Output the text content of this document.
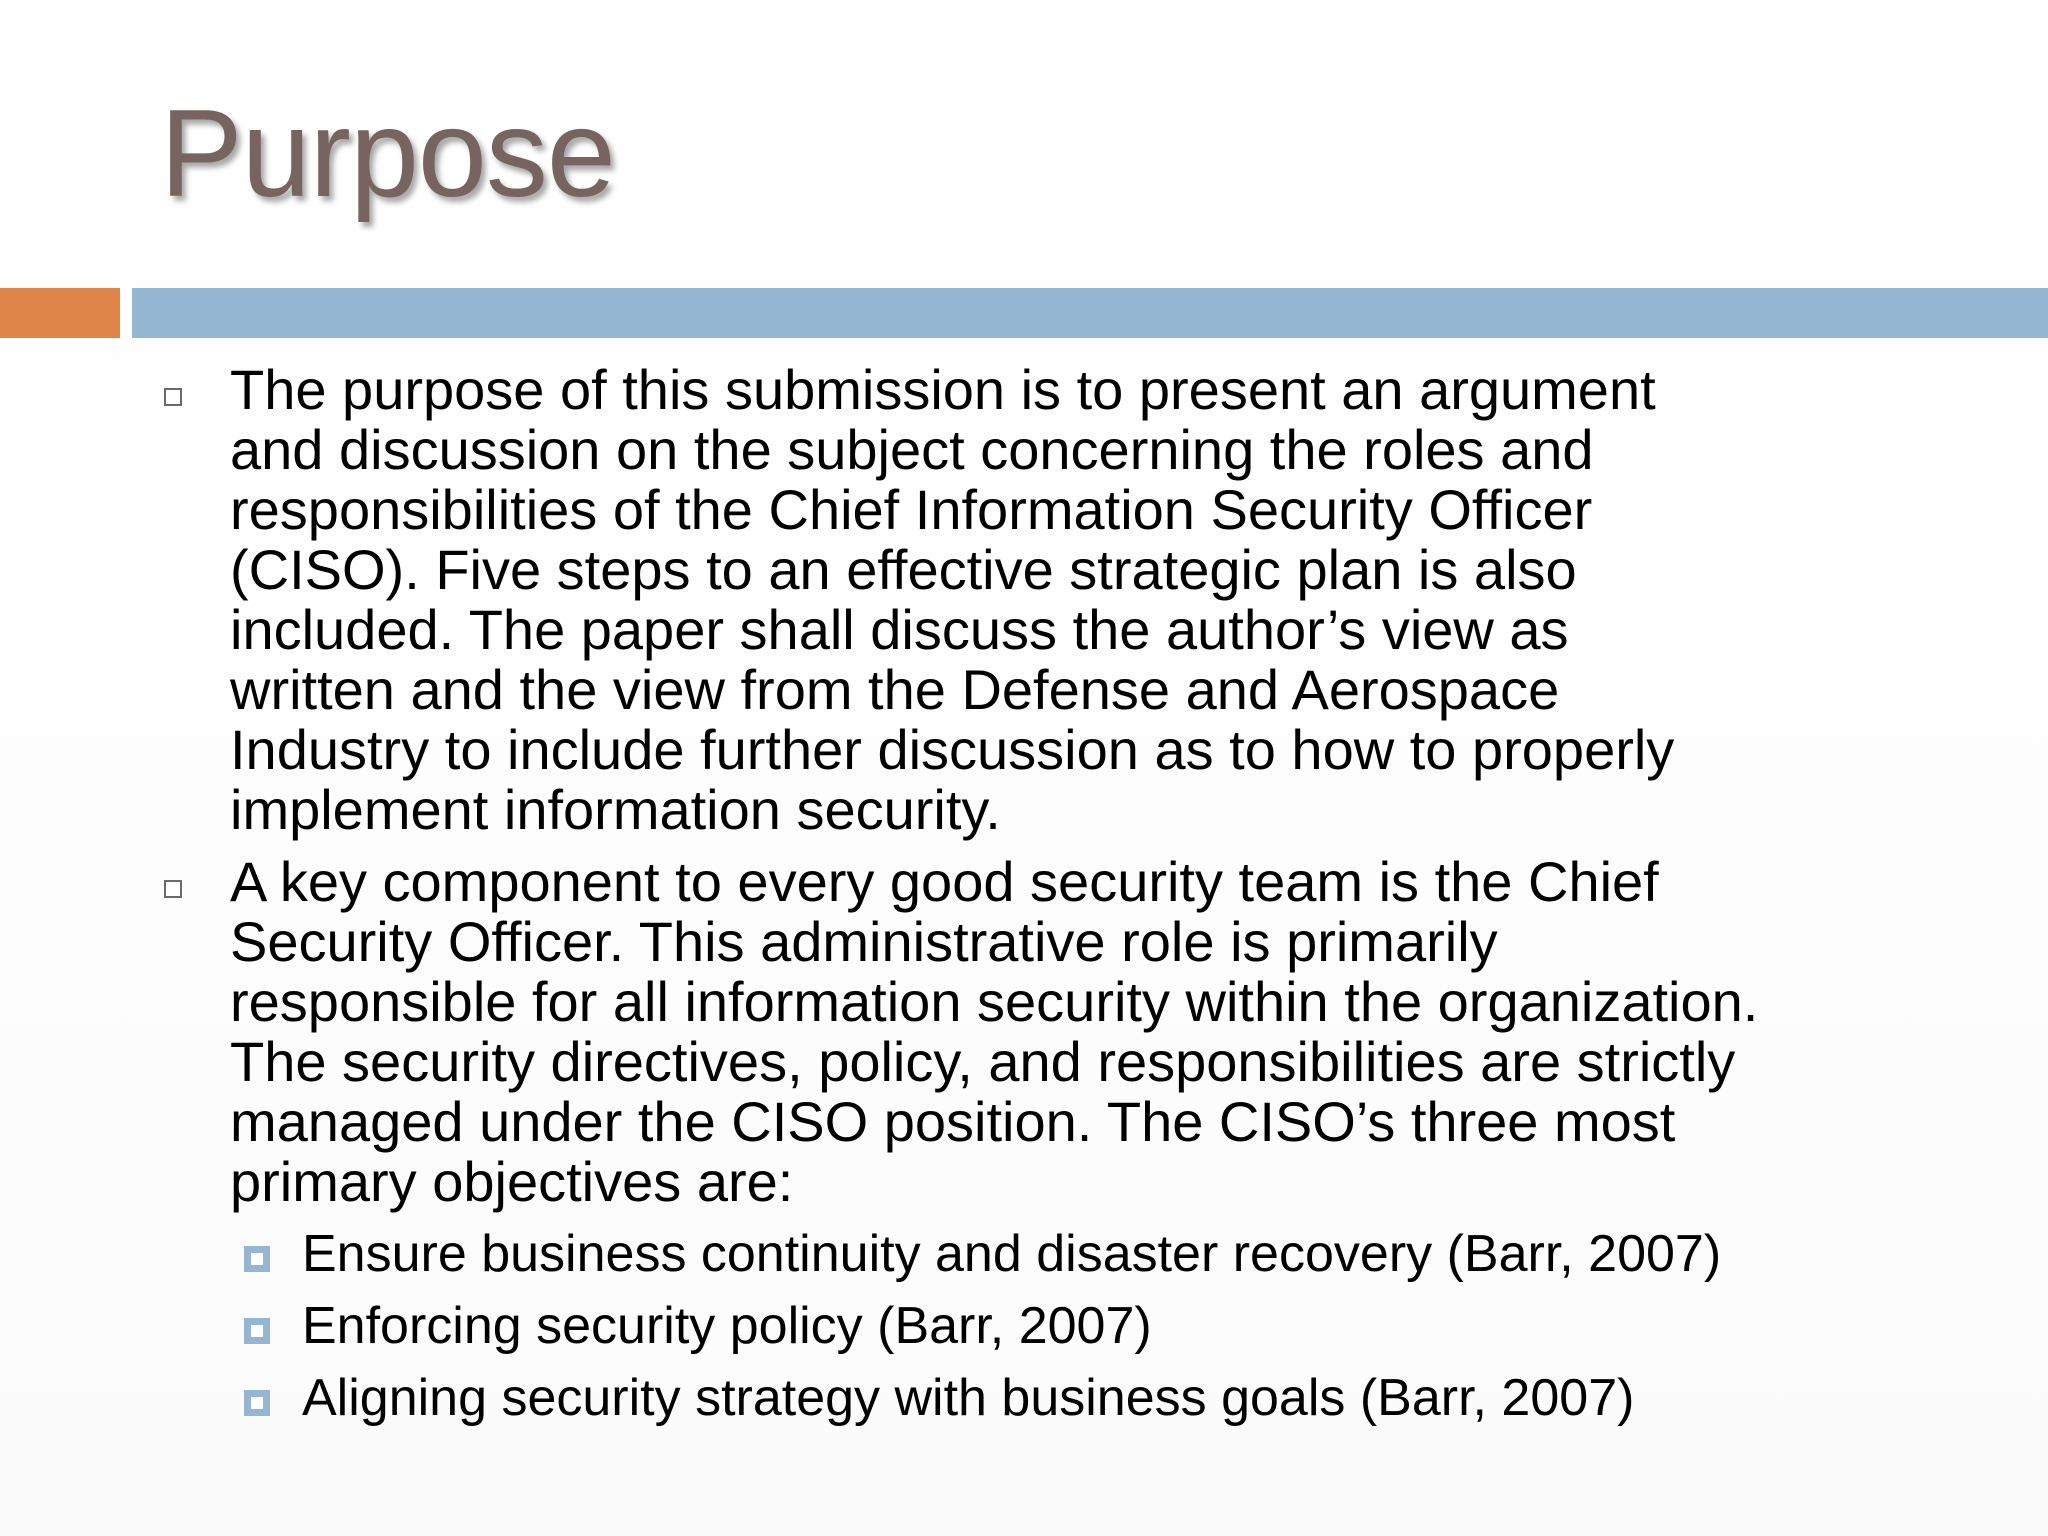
Purpose
The purpose of this submission is to present an argument
and discussion on the subject concerning the roles and
responsibilities of the Chief Information Security Officer
(CISO). Five steps to an effective strategic plan is also
included. The paper shall discuss the author’s view as
written and the view from the Defense and Aerospace
Industry to include further discussion as to how to properly
implement information security.
A key component to every good security team is the Chief
Security Officer. This administrative role is primarily
responsible for all information security within the organization.
The security directives, policy, and responsibilities are strictly
managed under the CISO position. The CISO’s three most
primary objectives are:
Ensure business continuity and disaster recovery (Barr, 2007)
Enforcing security policy (Barr, 2007)
Aligning security strategy with business goals (Barr, 2007)
